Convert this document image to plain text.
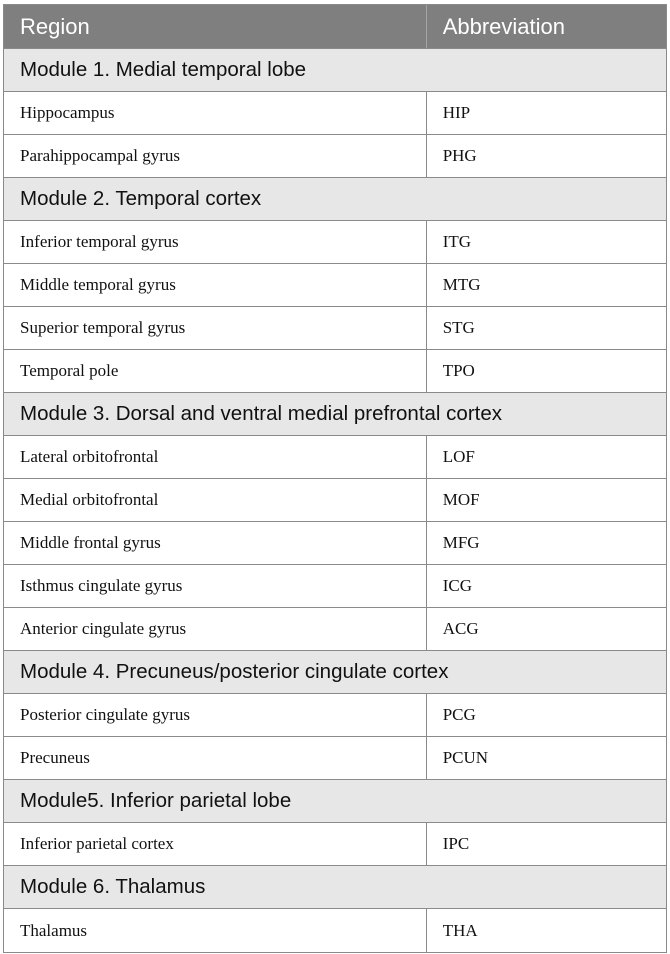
Region	Abbreviation
Module 1. Medial temporal lobe
Hippocampus	HIP
Parahippocampal gyrus	PHG
Module 2. Temporal cortex
Inferior temporal gyrus	ITG
Middle temporal gyrus	MTG
Superior temporal gyrus	STG
Temporal pole	TPO
Module 3. Dorsal and ventral medial prefrontal cortex
Lateral orbitofrontal	LOF
Medial orbitofrontal	MOF
Middle frontal gyrus	MFG
Isthmus cingulate gyrus	ICG
Anterior cingulate gyrus	ACG
Module 4. Precuneus/posterior cingulate cortex
Posterior cingulate gyrus	PCG
Precuneus	PCUN
Module5. Inferior parietal lobe
Inferior parietal cortex	IPC
Module 6. Thalamus
Thalamus	THA
